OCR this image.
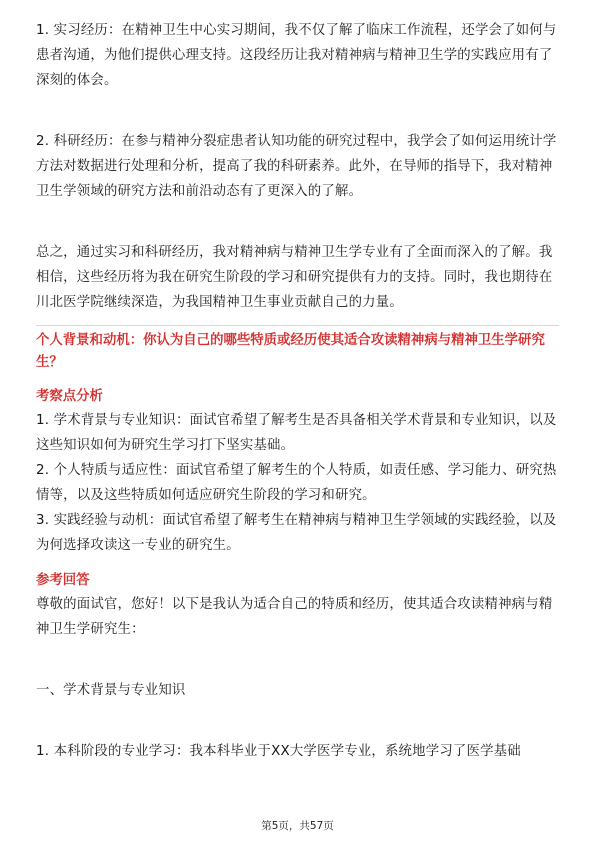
1. 实习经历：在精神卫生中心实习期间，我不仅了解了临床工作流程，还学会了如何与患者沟通，为他们提供心理支持。这段经历让我对精神病与精神卫生学的实践应用有了深刻的体会。

2. 科研经历：在参与精神分裂症患者认知功能的研究过程中，我学会了如何运用统计学方法对数据进行处理和分析，提高了我的科研素养。此外，在导师的指导下，我对精神卫生学领域的研究方法和前沿动态有了更深入的了解。

总之，通过实习和科研经历，我对精神病与精神卫生学专业有了全面而深入的了解。我相信，这些经历将为我在研究生阶段的学习和研究提供有力的支持。同时，我也期待在川北医学院继续深造，为我国精神卫生事业贡献自己的力量。

个人背景和动机：你认为自己的哪些特质或经历使其适合攻读精神病与精神卫生学研究生？

考察点分析

1. 学术背景与专业知识：面试官希望了解考生是否具备相关学术背景和专业知识，以及这些知识如何为研究生学习打下坚实基础。

2. 个人特质与适应性：面试官希望了解考生的个人特质，如责任感、学习能力、研究热情等，以及这些特质如何适应研究生阶段的学习和研究。

3. 实践经验与动机：面试官希望了解考生在精神病与精神卫生学领域的实践经验，以及为何选择攻读这一专业的研究生。

参考回答

尊敬的面试官，您好！以下是我认为适合自己的特质和经历，使其适合攻读精神病与精神卫生学研究生：

一、学术背景与专业知识

1. 本科阶段的专业学习：我本科毕业于XX大学医学专业，系统地学习了医学基础

第5页，共57页
